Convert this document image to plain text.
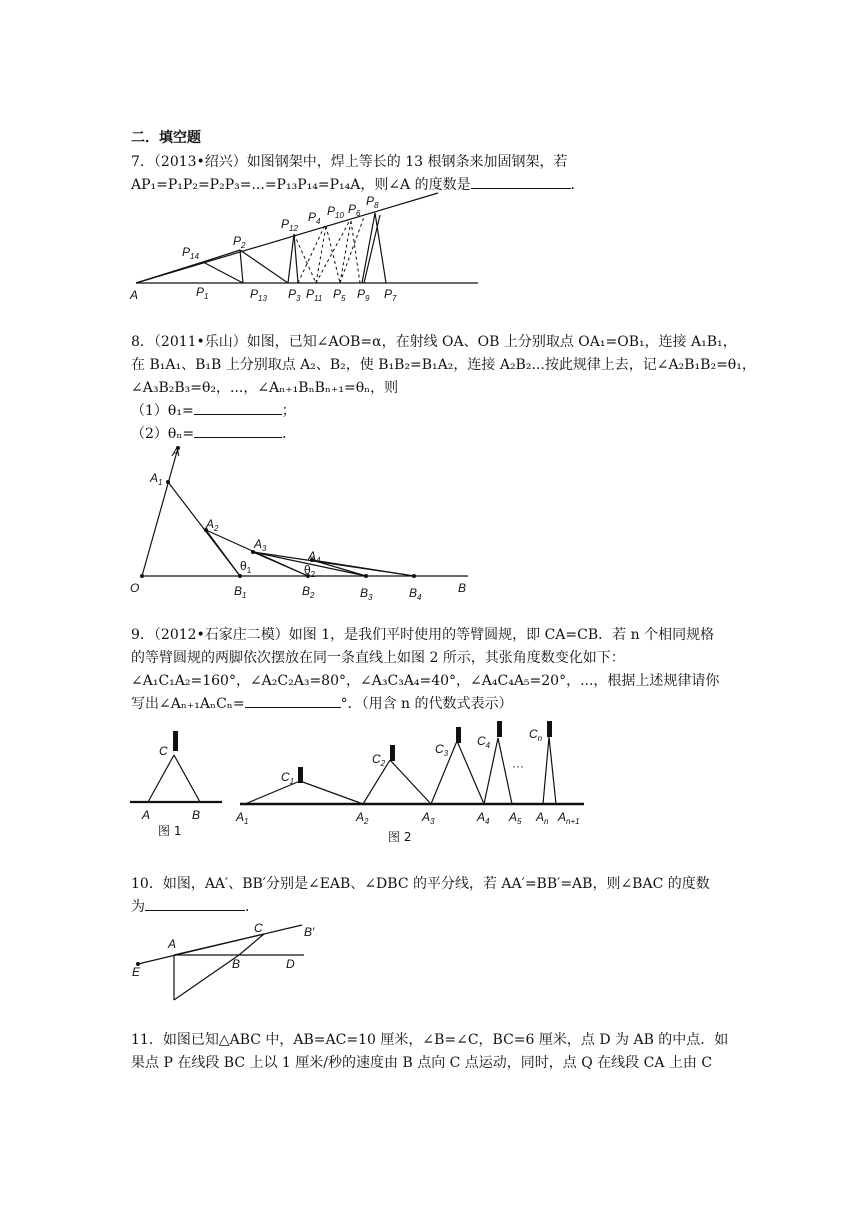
二．填空题
7．（2013•绍兴）如图钢架中，焊上等长的 13 根钢条来加固钢架，若
AP₁=P₁P₂=P₂P₃=...=P₁₃P₁₄=P₁₄A，则∠A 的度数是	．
A	$P_1$	$P_{13}$ $P_3$ $P_{11}$ $P_5$ $P_9$ $P_7$
$P_{14}$
$P_2$
$P_{12}$
$P_4$
$P_{10}$ $P_6$
$P_8$
8．（2011•乐山）如图，已知∠AOB=α，在射线 OA、OB 上分别取点 OA₁=OB₁，连接 A₁B₁，
在 B₁A₁、B₁B 上分别取点 A₂、B₂，使 B₁B₂=B₁A₂，连接 A₂B₂...按此规律上去，记∠A₂B₁B₂=θ₁，
∠A₃B₂B₃=θ₂，...，∠Aₙ₊₁BₙBₙ₊₁=θₙ，则
（1）θ₁=	；
（2）θₙ=	．
A
$A_1$
$A_2$
$A_3$
$A_4$
O	$B_1$	$B_2$	$B_3$	$B_4$
B
$\theta_1$	$\theta_2$
9．（2012•石家庄二模）如图 1，是我们平时使用的等臂圆规，即 CA=CB．若 n 个相同规格
的等臂圆规的两脚依次摆放在同一条直线上如图 2 所示，其张角度数变化如下：
∠A₁C₁A₂=160°，∠A₂C₂A₃=80°，∠A₃C₃A₄=40°，∠A₄C₄A₅=20°，...，根据上述规律请你
写出∠Aₙ₊₁AₙCₙ=	°．（用含 n 的代数式表示）
C
A	B
$C_1$
$C_2$
$C_3$
$C_4$
$C_n$
$A_1$	$A_2$	$A_3$	$A_4$ $A_5$ $A_n$ $A_{n+1}$
图 1	图 2
···
10．如图，AA′、BB′分别是∠EAB、∠DBC 的平分线，若 AA′=BB′=AB，则∠BAC 的度数
为	．
A
C	B′
B	D
E
11．如图已知△ABC 中，AB=AC=10 厘米，∠B=∠C，BC=6 厘米，点 D 为 AB 的中点．如
果点 P 在线段 BC 上以 1 厘米/秒的速度由 B 点向 C 点运动，同时，点 Q 在线段 CA 上由 C
